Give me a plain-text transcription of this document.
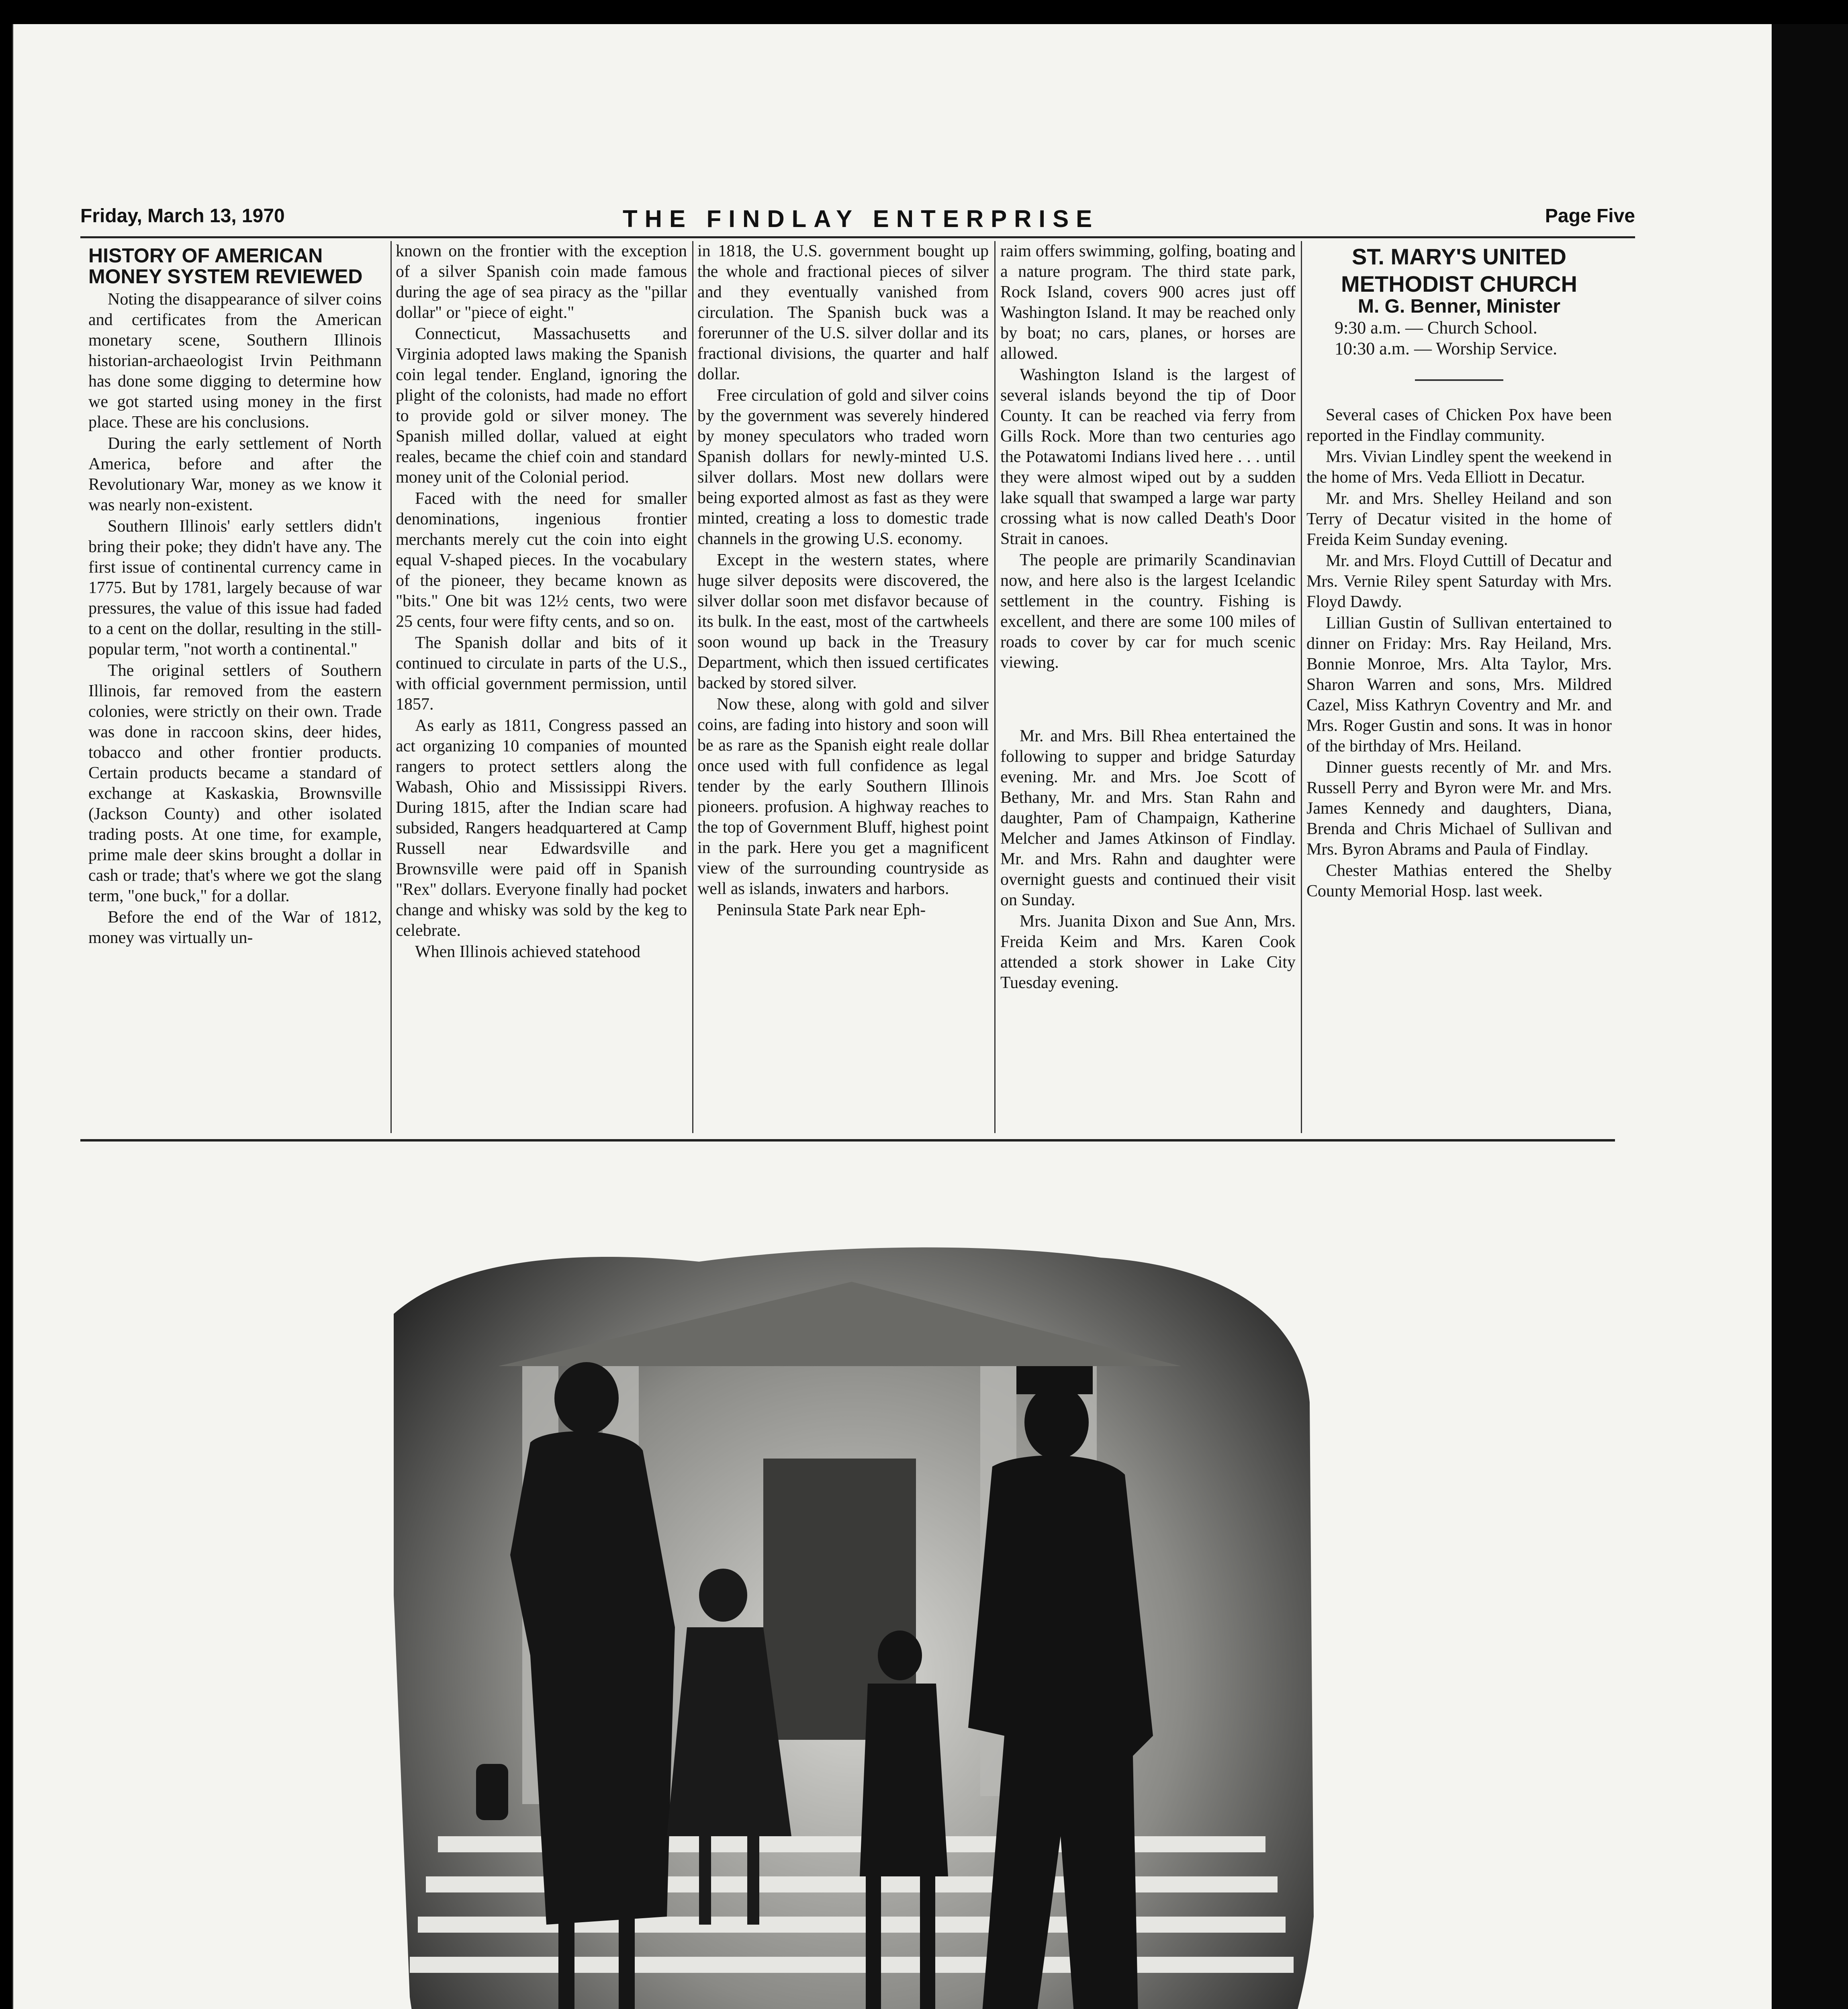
Friday, March 13, 1970	THE FINDLAY ENTERPRISE	Page Five
HISTORY OF AMERICAN
MONEY SYSTEM REVIEWED

Noting the disappearance of silver coins and certificates from the American monetary scene, Southern Illinois historian-archaeologist Irvin Peithmann has done some digging to determine how we got started using money in the first place. These are his conclusions.

During the early settlement of North America, before and after the Revolutionary War, money as we know it was nearly non-existent.

Southern Illinois' early settlers didn't bring their poke; they didn't have any. The first issue of continental currency came in 1775. But by 1781, largely because of war pressures, the value of this issue had faded to a cent on the dollar, resulting in the still-popular term, "not worth a continental."

The original settlers of Southern Illinois, far removed from the eastern colonies, were strictly on their own. Trade was done in raccoon skins, deer hides, tobacco and other frontier products. Certain products became a standard of exchange at Kaskaskia, Brownsville (Jackson County) and other isolated trading posts. At one time, for example, prime male deer skins brought a dollar in cash or trade; that's where we got the slang term, "one buck," for a dollar.

Before the end of the War of 1812, money was virtually un-

known on the frontier with the exception of a silver Spanish coin made famous during the age of sea piracy as the "pillar dollar" or "piece of eight."

Connecticut, Massachusetts and Virginia adopted laws making the Spanish coin legal tender. England, ignoring the plight of the colonists, had made no effort to provide gold or silver money. The Spanish milled dollar, valued at eight reales, became the chief coin and standard money unit of the Colonial period.

Faced with the need for smaller denominations, ingenious frontier merchants merely cut the coin into eight equal V-shaped pieces. In the vocabulary of the pioneer, they became known as "bits." One bit was 12½ cents, two were 25 cents, four were fifty cents, and so on.

The Spanish dollar and bits of it continued to circulate in parts of the U.S., with official government permission, until 1857.

As early as 1811, Congress passed an act organizing 10 companies of mounted rangers to protect settlers along the Wabash, Ohio and Mississippi Rivers. During 1815, after the Indian scare had subsided, Rangers headquartered at Camp Russell near Edwardsville and Brownsville were paid off in Spanish "Rex" dollars. Everyone finally had pocket change and whisky was sold by the keg to celebrate.

When Illinois achieved statehood

in 1818, the U.S. government bought up the whole and fractional pieces of silver and they eventually vanished from circulation. The Spanish buck was a forerunner of the U.S. silver dollar and its fractional divisions, the quarter and half dollar.

Free circulation of gold and silver coins by the government was severely hindered by money speculators who traded worn Spanish dollars for newly-minted U.S. silver dollars. Most new dollars were being exported almost as fast as they were minted, creating a loss to domestic trade channels in the growing U.S. economy.

Except in the western states, where huge silver deposits were discovered, the silver dollar soon met disfavor because of its bulk. In the east, most of the cartwheels soon wound up back in the Treasury Department, which then issued certificates backed by stored silver.

Now these, along with gold and silver coins, are fading into history and soon will be as rare as the Spanish eight reale dollar once used with full confidence as legal tender by the early Southern Illinois pioneers. profusion. A highway reaches to the top of Government Bluff, highest point in the park. Here you get a magnificent view of the surrounding countryside as well as islands, inwaters and harbors.

Peninsula State Park near Eph-

raim offers swimming, golfing, boating and a nature program. The third state park, Rock Island, covers 900 acres just off Washington Island. It may be reached only by boat; no cars, planes, or horses are allowed.

Washington Island is the largest of several islands beyond the tip of Door County. It can be reached via ferry from Gills Rock. More than two centuries ago the Potawatomi Indians lived here . . . until they were almost wiped out by a sudden lake squall that swamped a large war party crossing what is now called Death's Door Strait in canoes.

The people are primarily Scandinavian now, and here also is the largest Icelandic settlement in the country. Fishing is excellent, and there are some 100 miles of roads to cover by car for much scenic viewing.

Mr. and Mrs. Bill Rhea entertained the following to supper and bridge Saturday evening. Mr. and Mrs. Joe Scott of Bethany, Mr. and Mrs. Stan Rahn and daughter, Pam of Champaign, Katherine Melcher and James Atkinson of Findlay. Mr. and Mrs. Rahn and daughter were overnight guests and continued their visit on Sunday.

Mrs. Juanita Dixon and Sue Ann, Mrs. Freida Keim and Mrs. Karen Cook attended a stork shower in Lake City Tuesday evening.

ST. MARY'S UNITED
METHODIST CHURCH
M. G. Benner, Minister
9:30 a.m. — Church School.
10:30 a.m. — Worship Service.

Several cases of Chicken Pox have been reported in the Findlay community.

Mrs. Vivian Lindley spent the weekend in the home of Mrs. Veda Elliott in Decatur.

Mr. and Mrs. Shelley Heiland and son Terry of Decatur visited in the home of Freida Keim Sunday evening.

Mr. and Mrs. Floyd Cuttill of Decatur and Mrs. Vernie Riley spent Saturday with Mrs. Floyd Dawdy.

Lillian Gustin of Sullivan entertained to dinner on Friday: Mrs. Ray Heiland, Mrs. Bonnie Monroe, Mrs. Alta Taylor, Mrs. Sharon Warren and sons, Mrs. Mildred Cazel, Miss Kathryn Coventry and Mr. and Mrs. Roger Gustin and sons. It was in honor of the birthday of Mrs. Heiland.

Dinner guests recently of Mr. and Mrs. Russell Perry and Byron were Mr. and Mrs. James Kennedy and daughters, Diana, Brenda and Chris Michael of Sullivan and Mrs. Byron Abrams and Paula of Findlay.

Chester Mathias entered the Shelby County Memorial Hosp. last week.
